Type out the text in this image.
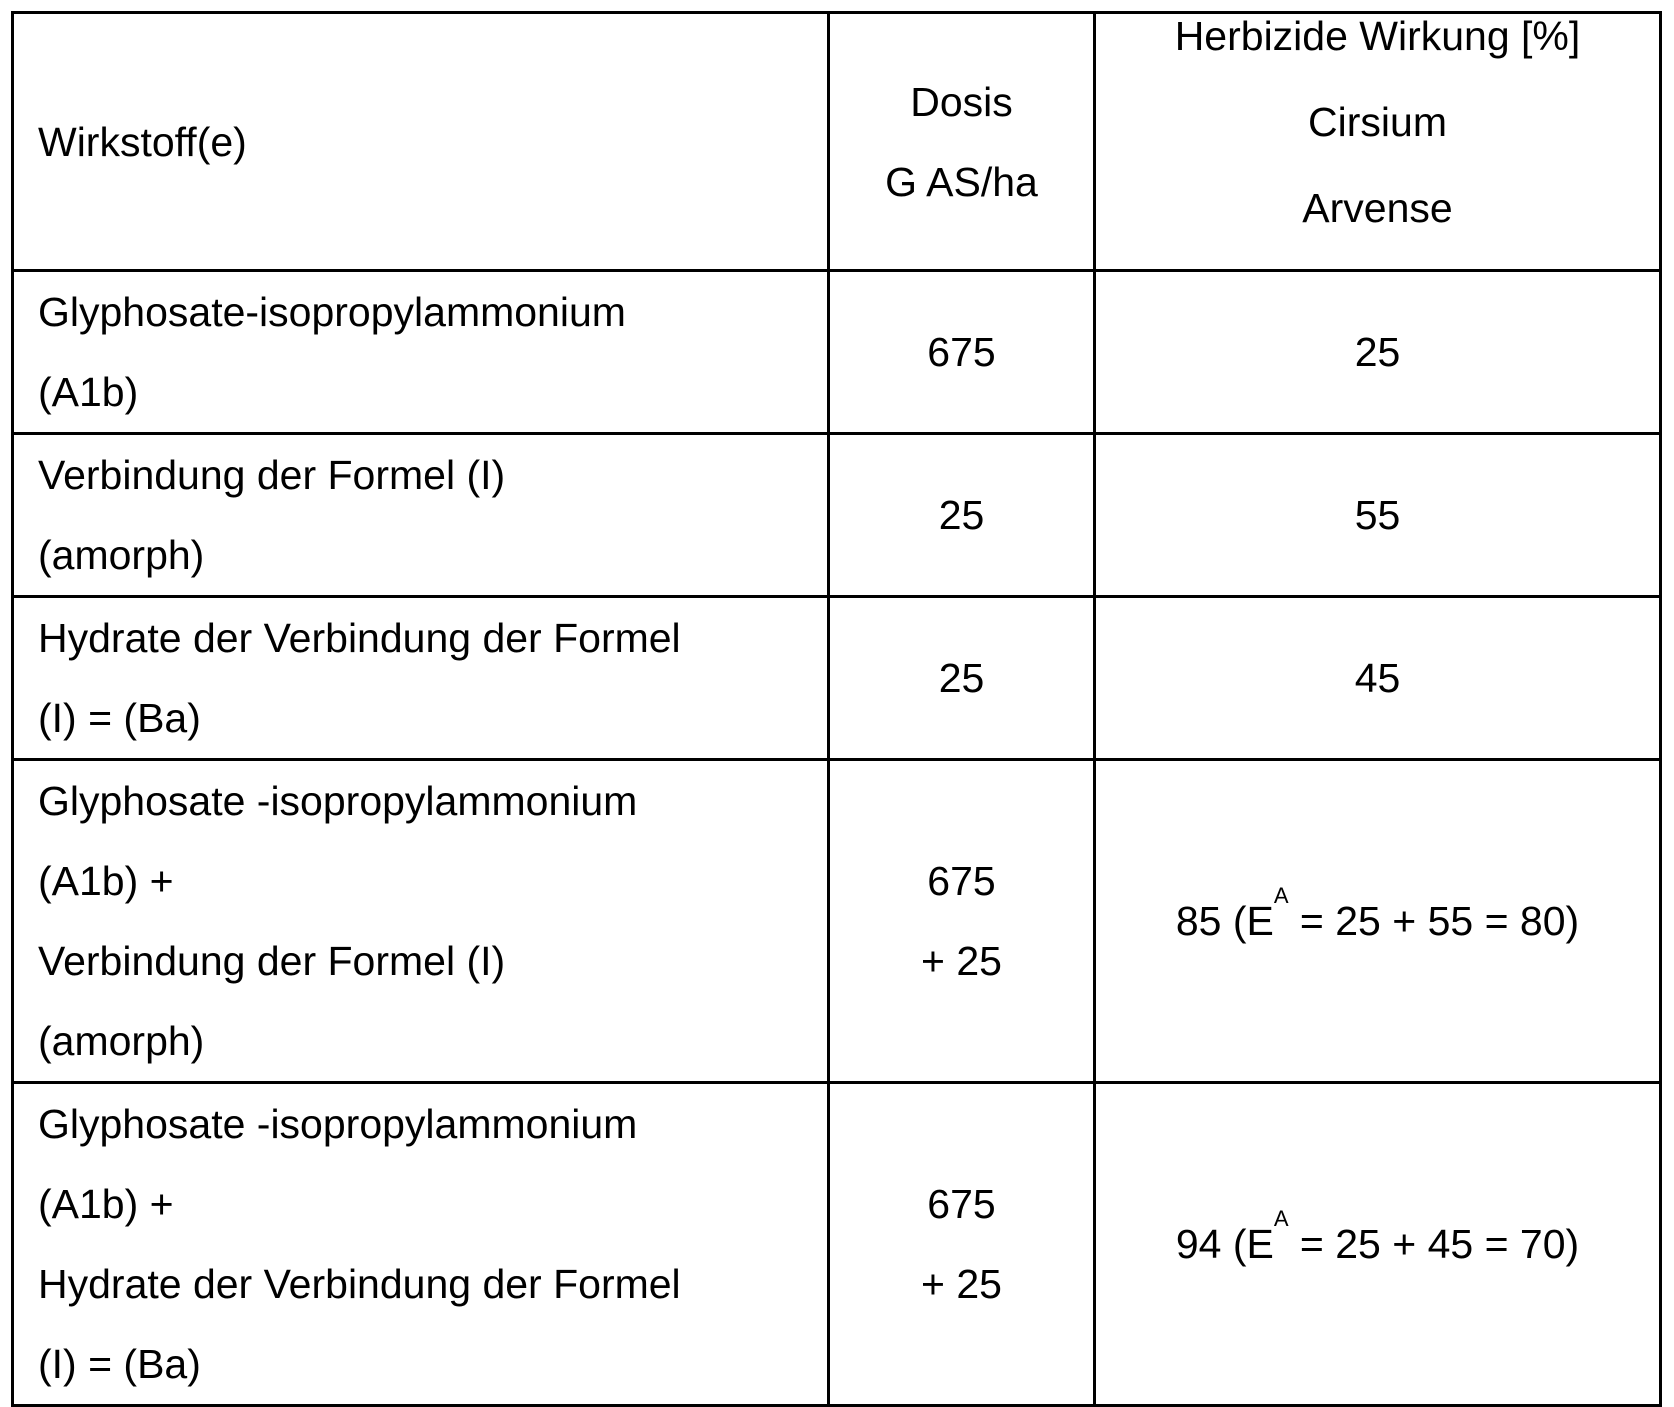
Wirkstoff(e)	
Dosis
G AS/ha

Herbizide Wirkung [%]
Cirsium
Arvense

Glyphosate-isopropylammonium
(A1b)

675	25

Verbindung der Formel (I)
(amorph)

25	55

Hydrate der Verbindung der Formel
(I) = (Ba)

25	45

Glyphosate -isopropylammonium
(A1b) +
Verbindung der Formel (I)
(amorph)

675
+ 25
	85 (EA = 25 + 55 = 80)

Glyphosate -isopropylammonium
(A1b) +
Hydrate der Verbindung der Formel
(I) = (Ba)

675
+ 25
	94 (EA = 25 + 45 = 70)
